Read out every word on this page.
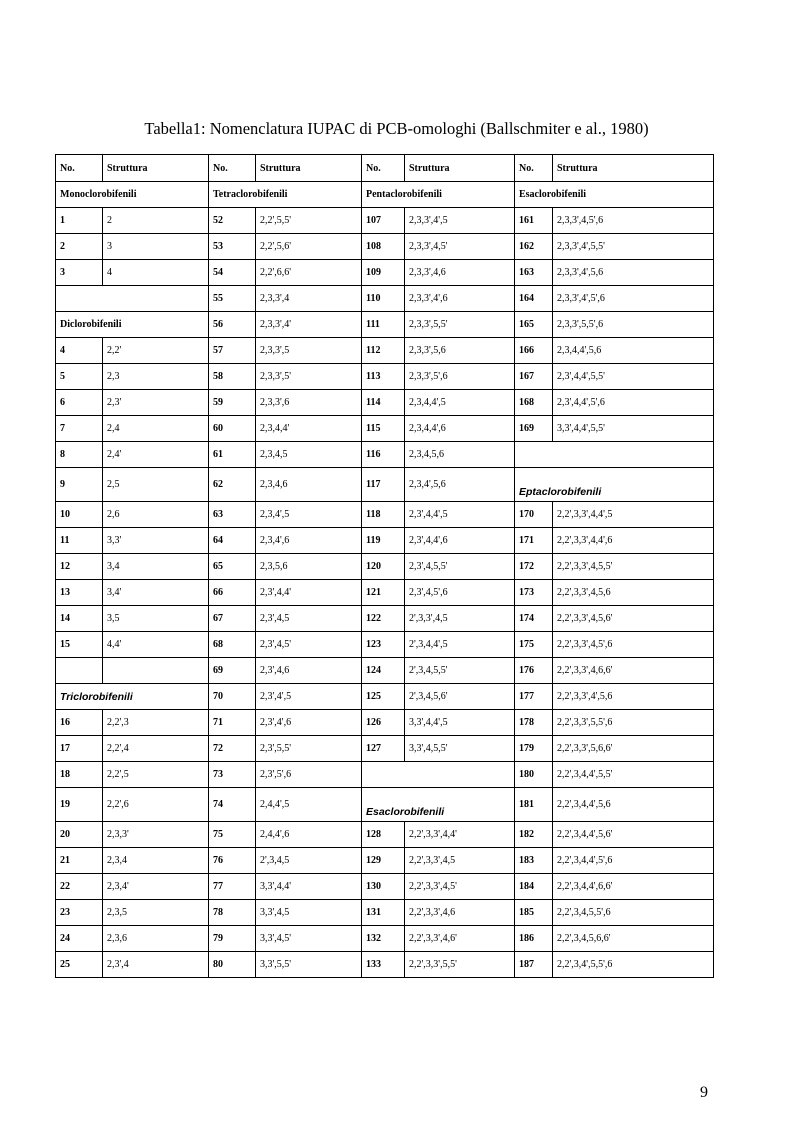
Tabella1: Nomenclatura IUPAC di PCB-omologhi (Ballschmiter e al., 1980)
No.	Struttura	No.	Struttura	No.	Struttura	No.	Struttura
Monoclorobifenili		Tetraclorobifenili		Pentaclorobifenili		Esaclorobifenili	
1	2	52	2,2',5,5'	107	2,3,3',4',5	161	2,3,3',4,5',6
2	3	53	2,2',5,6'	108	2,3,3',4,5'	162	2,3,3',4',5,5'
3	4	54	2,2',6,6'	109	2,3,3',4,6	163	2,3,3',4',5,6
		55	2,3,3',4	110	2,3,3',4',6	164	2,3,3',4',5',6
Diclorobifenili		56	2,3,3',4'	111	2,3,3',5,5'	165	2,3,3',5,5',6
4	2,2'	57	2,3,3',5	112	2,3,3',5,6	166	2,3,4,4',5,6
5	2,3	58	2,3,3',5'	113	2,3,3',5',6	167	2,3',4,4',5,5'
6	2,3'	59	2,3,3',6	114	2,3,4,4',5	168	2,3',4,4',5',6
7	2,4	60	2,3,4,4'	115	2,3,4,4',6	169	3,3',4,4',5,5'
8	2,4'	61	2,3,4,5	116	2,3,4,5,6		
9	2,5	62	2,3,4,6	117	2,3,4',5,6	Eptaclorobifenili	
10	2,6	63	2,3,4',5	118	2,3',4,4',5	170	2,2',3,3',4,4',5
11	3,3'	64	2,3,4',6	119	2,3',4,4',6	171	2,2',3,3',4,4',6
12	3,4	65	2,3,5,6	120	2,3',4,5,5'	172	2,2',3,3',4,5,5'
13	3,4'	66	2,3',4,4'	121	2,3',4,5',6	173	2,2',3,3',4,5,6
14	3,5	67	2,3',4,5	122	2',3,3',4,5	174	2,2',3,3',4,5,6'
15	4,4'	68	2,3',4,5'	123	2',3,4,4',5	175	2,2',3,3',4,5',6
		69	2,3',4,6	124	2',3,4,5,5'	176	2,2',3,3',4,6,6'
Triclorobifenili		70	2,3',4',5	125	2',3,4,5,6'	177	2,2',3,3',4',5,6
16	2,2',3	71	2,3',4',6	126	3,3',4,4',5	178	2,2',3,3',5,5',6
17	2,2',4	72	2,3',5,5'	127	3,3',4,5,5'	179	2,2',3,3',5,6,6'
18	2,2',5	73	2,3',5',6			180	2,2',3,4,4',5,5'
19	2,2',6	74	2,4,4',5	Esaclorobifenili		181	2,2',3,4,4',5,6
20	2,3,3'	75	2,4,4',6	128	2,2',3,3',4,4'	182	2,2',3,4,4',5,6'
21	2,3,4	76	2',3,4,5	129	2,2',3,3',4,5	183	2,2',3,4,4',5',6
22	2,3,4'	77	3,3',4,4'	130	2,2',3,3',4,5'	184	2,2',3,4,4',6,6'
23	2,3,5	78	3,3',4,5	131	2,2',3,3',4,6	185	2,2',3,4,5,5',6
24	2,3,6	79	3,3',4,5'	132	2,2',3,3',4,6'	186	2,2',3,4,5,6,6'
25	2,3',4	80	3,3',5,5'	133	2,2',3,3',5,5'	187	2,2',3,4',5,5',6
9
